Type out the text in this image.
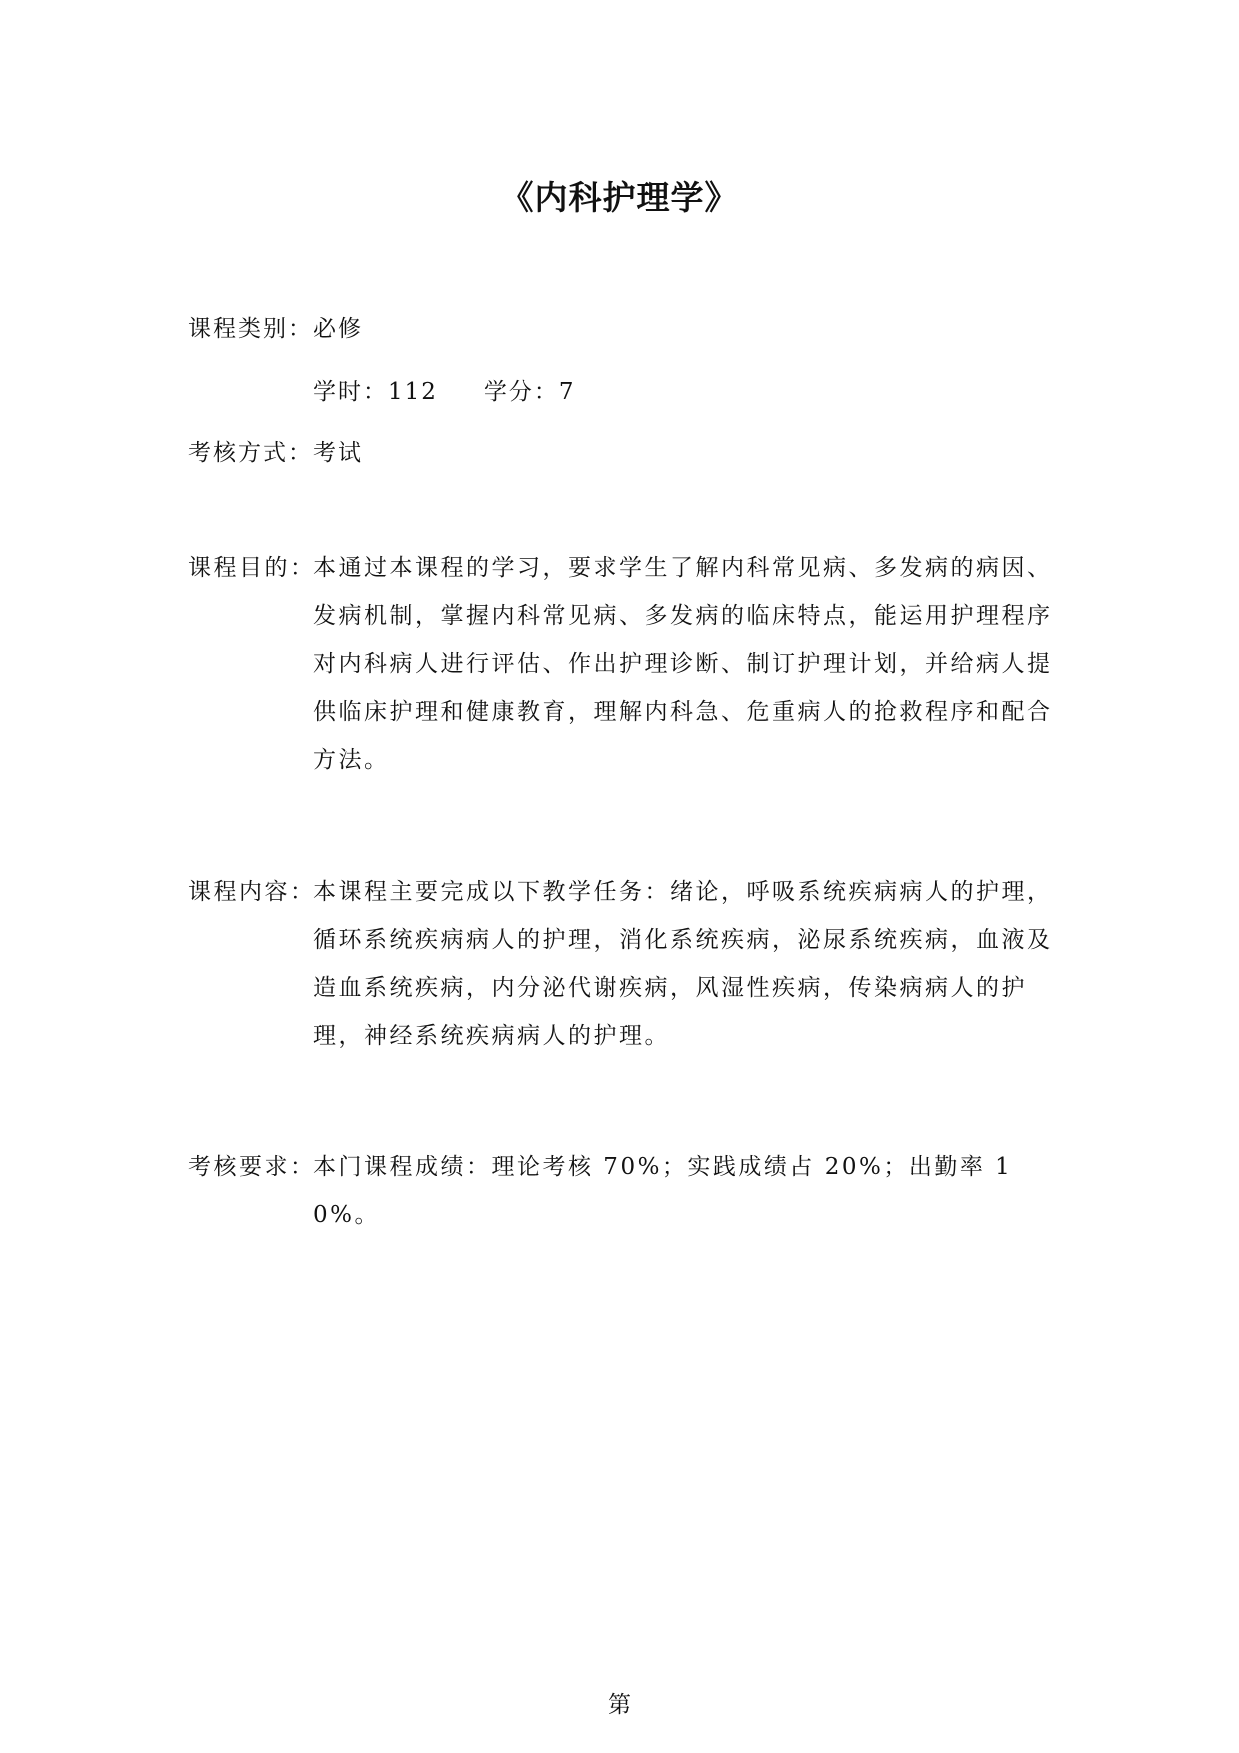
《内科护理学》
课程类别：必修
学时：112 学分：7
考核方式：考试
课程目的：
本通过本课程的学习，要求学生了解内科常见病、多发病的病因、发病机制，掌握内科常见病、多发病的临床特点，能运用护理程序对内科病人进行评估、作出护理诊断、制订护理计划，并给病人提供临床护理和健康教育，理解内科急、危重病人的抢救程序和配合方法。
课程内容：
本课程主要完成以下教学任务：绪论，呼吸系统疾病病人的护理，循环系统疾病病人的护理，消化系统疾病，泌尿系统疾病，血液及造血系统疾病，内分泌代谢疾病，风湿性疾病，传染病病人的护理，神经系统疾病病人的护理。
考核要求：
本门课程成绩：理论考核 70%；实践成绩占 20%；出勤率 10%。
第
